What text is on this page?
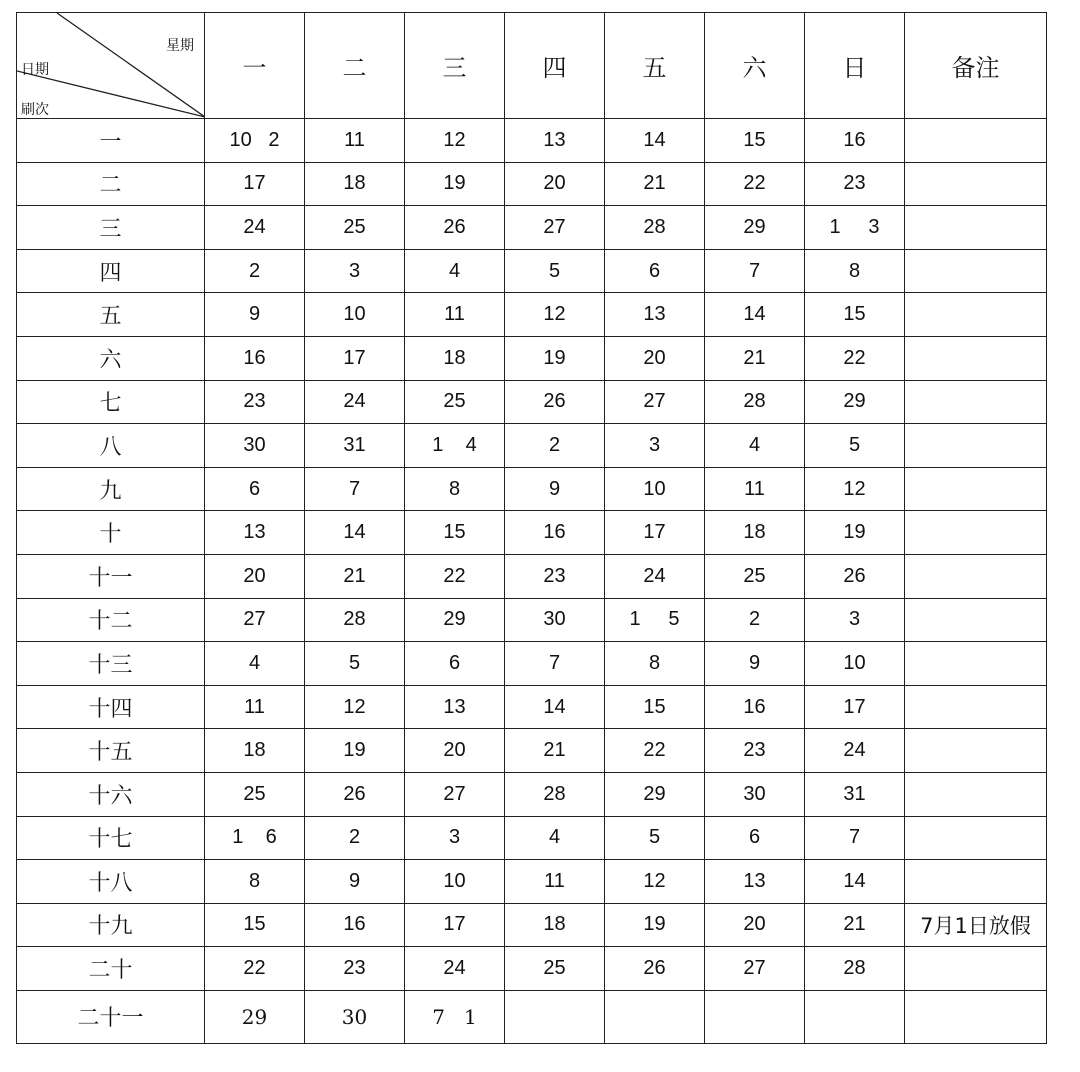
星期
日期
刷次	一	二	三	四	五	六	日	备注
一	10   2	11	12	13	14	15	16	
二	17	18	19	20	21	22	23	
三	24	25	26	27	28	29	1     3	
四	2	3	4	5	6	7	8	
五	9	10	11	12	13	14	15	
六	16	17	18	19	20	21	22	
七	23	24	25	26	27	28	29	
八	30	31	1    4	2	3	4	5	
九	6	7	8	9	10	11	12	
十	13	14	15	16	17	18	19	
十一	20	21	22	23	24	25	26	
十二	27	28	29	30	1     5	2	3	
十三	4	5	6	7	8	9	10	
十四	11	12	13	14	15	16	17	
十五	18	19	20	21	22	23	24	
十六	25	26	27	28	29	30	31	
十七	1    6	2	3	4	5	6	7	
十八	8	9	10	11	12	13	14	
十九	15	16	17	18	19	20	21	7月1日放假
二十	22	23	24	25	26	27	28	
二十一	29	30	7   1					
